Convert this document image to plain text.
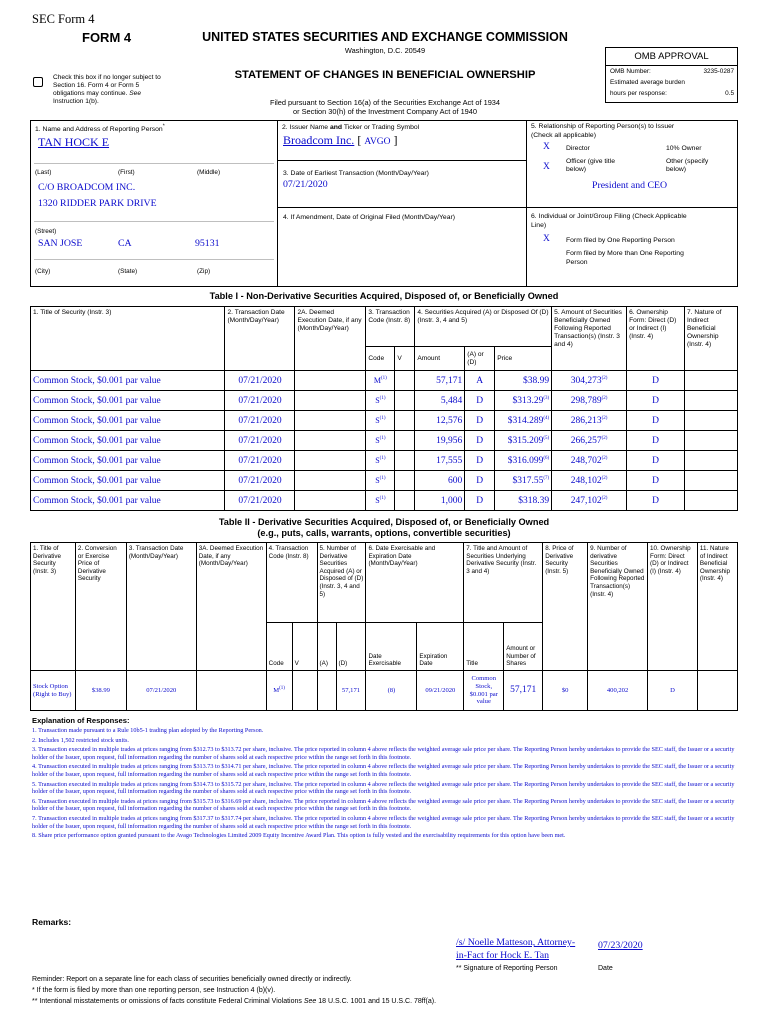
SEC Form 4
FORM 4	UNITED STATES SECURITIES AND EXCHANGE COMMISSION
Washington, D.C. 20549
Check this box if no longer subject to
Section 16. Form 4 or Form 5
obligations may continue. See
Instruction 1(b).
STATEMENT OF CHANGES IN BENEFICIAL OWNERSHIP
Filed pursuant to Section 16(a) of the Securities Exchange Act of 1934
or Section 30(h) of the Investment Company Act of 1940
OMB APPROVAL
OMB Number:	3235-0287
Estimated average burden
hours per response:	0.5
1. Name and Address of Reporting Person*
TAN HOCK E
(Last)	(First)	(Middle)
C/O BROADCOM INC.
1320 RIDDER PARK DRIVE
(Street)
SAN JOSE	CA	95131
(City)	(State)	(Zip)
2. Issuer Name and Ticker or Trading Symbol
Broadcom Inc. [ AVGO ]
3. Date of Earliest Transaction (Month/Day/Year)
07/21/2020
4. If Amendment, Date of Original Filed (Month/Day/Year)
5. Relationship of Reporting Person(s) to Issuer
(Check all applicable)
X Director	10% Owner
X
Officer (give title
below)
Other (specify
below)
President and CEO
6. Individual or Joint/Group Filing (Check Applicable
Line)
X Form filed by One Reporting Person
Form filed by More than One Reporting
Person
Table I - Non-Derivative Securities Acquired, Disposed of, or Beneficially Owned
1. Title of Security (Instr. 3)	2. Transaction Date (Month/Day/Year)	2A. Deemed Execution Date, if any (Month/Day/Year)	3. Transaction Code (Instr. 8)		4. Securities Acquired (A) or Disposed Of (D) (Instr. 3, 4 and 5)			5. Amount of Securities Beneficially Owned Following Reported Transaction(s) (Instr. 3 and 4)	6. Ownership Form: Direct (D) or Indirect (I) (Instr. 4)	7. Nature of Indirect Beneficial Ownership (Instr. 4)
			Code	V	Amount	(A) or (D)	Price			
Common Stock, $0.001 par value	07/21/2020		$M^{(1)}$		57,171	A	$38.99	304,273$^{(2)}$	D	
Common Stock, $0.001 par value	07/21/2020		$S^{(1)}$		5,484	D	$313.29$^{(3)}$	298,789$^{(2)}$	D	
Common Stock, $0.001 par value	07/21/2020		$S^{(1)}$		12,576	D	$314.289$^{(4)}$	286,213$^{(2)}$	D	
Common Stock, $0.001 par value	07/21/2020		$S^{(1)}$		19,956	D	$315.209$^{(5)}$	266,257$^{(2)}$	D	
Common Stock, $0.001 par value	07/21/2020		$S^{(1)}$		17,555	D	$316.099$^{(6)}$	248,702$^{(2)}$	D	
Common Stock, $0.001 par value	07/21/2020		$S^{(1)}$		600	D	$317.55$^{(7)}$	248,102$^{(2)}$	D	
Common Stock, $0.001 par value	07/21/2020		$S^{(1)}$		1,000	D	$318.39	247,102$^{(2)}$	D	
Table II - Derivative Securities Acquired, Disposed of, or Beneficially Owned
(e.g., puts, calls, warrants, options, convertible securities)
1. Title of Derivative Security (Instr. 3)	2. Conversion or Exercise Price of Derivative Security	3. Transaction Date (Month/Day/Year)	3A. Deemed Execution Date, if any (Month/Day/Year)	4. Transaction Code (Instr. 8)		5. Number of Derivative Securities Acquired (A) or Disposed of (D) (Instr. 3, 4 and 5)		6. Date Exercisable and Expiration Date (Month/Day/Year)		7. Title and Amount of Securities Underlying Derivative Security (Instr. 3 and 4)		8. Price of Derivative Security (Instr. 5)	9. Number of derivative Securities Beneficially Owned Following Reported Transaction(s) (Instr. 4)	10. Ownership Form: Direct (D) or Indirect (I) (Instr. 4)	11. Nature of Indirect Beneficial Ownership (Instr. 4)
				Code	V	(A)	(D)	Date Exercisable	Expiration Date	Title	Amount or Number of Shares				
Stock Option (Right to Buy)	$38.99	07/21/2020		$M^{(1)}$			57,171	(8)	09/21/2020	Common Stock, $0.001 par value	57,171	$0	400,202	D	
Explanation of Responses:
1. Transaction made pursuant to a Rule 10b5-1 trading plan adopted by the Reporting Person.
2. Includes 1,502 restricted stock units.
3. Transaction executed in multiple trades at prices ranging from $312.73 to $313.72 per share, inclusive. The price reported in column 4 above reflects the weighted average sale price per share. The Reporting Person hereby undertakes to provide the SEC staff, the Issuer or a security holder of the Issuer, upon request, full information regarding the number of shares sold at each respective price within the range set forth in this footnote.
4. Transaction executed in multiple trades at prices ranging from $313.73 to $314.71 per share, inclusive. The price reported in column 4 above reflects the weighted average sale price per share. The Reporting Person hereby undertakes to provide the SEC staff, the Issuer or a security holder of the Issuer, upon request, full information regarding the number of shares sold at each respective price within the range set forth in this footnote.
5. Transaction executed in multiple trades at prices ranging from $314.73 to $315.72 per share, inclusive. The price reported in column 4 above reflects the weighted average sale price per share. The Reporting Person hereby undertakes to provide the SEC staff, the Issuer or a security holder of the Issuer, upon request, full information regarding the number of shares sold at each respective price within the range set forth in this footnote.
6. Transaction executed in multiple trades at prices ranging from $315.73 to $316.69 per share, inclusive. The price reported in column 4 above reflects the weighted average sale price per share. The Reporting Person hereby undertakes to provide the SEC staff, the Issuer or a security holder of the Issuer, upon request, full information regarding the number of shares sold at each respective price within the range set forth in this footnote.
7. Transaction executed in multiple trades at prices ranging from $317.37 to $317.74 per share, inclusive. The price reported in column 4 above reflects the weighted average sale price per share. The Reporting Person hereby undertakes to provide the SEC staff, the Issuer or a security holder of the Issuer, upon request, full information regarding the number of shares sold at each respective price within the range set forth in this footnote.
8. Share price performance option granted pursuant to the Avago Technologies Limited 2009 Equity Incentive Award Plan. This option is fully vested and the exercisability requirements for this option have been met.
Remarks:
/s/ Noelle Matteson, Attorney-
in-Fact for Hock E. Tan
07/23/2020
** Signature of Reporting Person	Date
Reminder: Report on a separate line for each class of securities beneficially owned directly or indirectly.
* If the form is filed by more than one reporting person, see Instruction 4 (b)(v).
** Intentional misstatements or omissions of facts constitute Federal Criminal Violations See 18 U.S.C. 1001 and 15 U.S.C. 78ff(a).
